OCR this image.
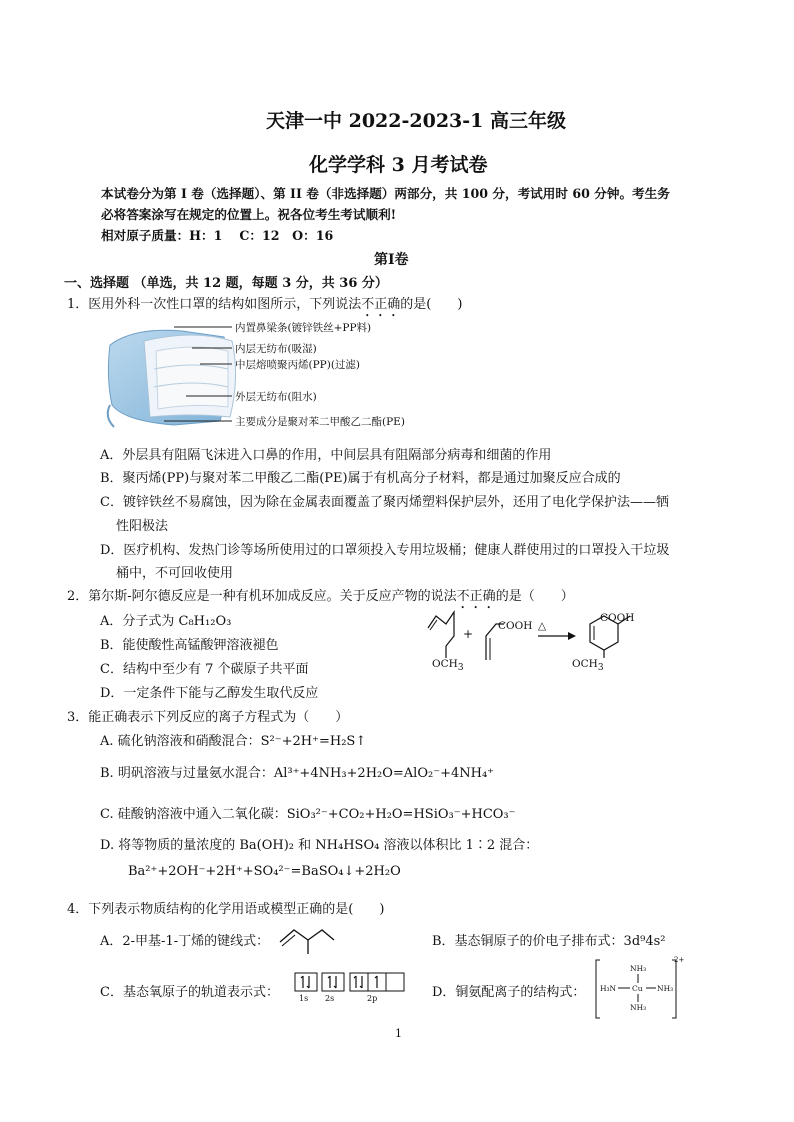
天津一中 2022-2023-1 高三年级
化学学科 3 月考试卷
本试卷分为第 I 卷（选择题）、第 II 卷（非选择题）两部分，共 100 分，考试用时 60 分钟。考生务
必将答案涂写在规定的位置上。祝各位考生考试顺利!
相对原子质量：H：1　 C：12　O：16
第Ⅰ卷
一、选择题 （单选，共 12 题，每题 3 分，共 36 分）
1．医用外科一次性口罩的结构如图所示，下列说法不正确的是(　　)
内置鼻梁条(镀锌铁丝+PP料)
内层无纺布(吸湿)
中层熔喷聚丙烯(PP)(过滤)
外层无纺布(阻水)
主要成分是聚对苯二甲酸乙二酯(PE)
A．外层具有阻隔飞沫进入口鼻的作用，中间层具有阻隔部分病毒和细菌的作用
B．聚丙烯(PP)与聚对苯二甲酸乙二酯(PE)属于有机高分子材料，都是通过加聚反应合成的
C．镀锌铁丝不易腐蚀，因为除在金属表面覆盖了聚丙烯塑料保护层外，还用了电化学保护法——牺
性阳极法
D．医疗机构、发热门诊等场所使用过的口罩须投入专用垃圾桶；健康人群使用过的口罩投入干垃圾
桶中，不可回收使用
2．第尔斯-阿尔德反应是一种有机环加成反应。关于反应产物的说法不正确的是（　　）
A．分子式为 C₈H₁₂O₃
B．能使酸性高锰酸钾溶液褪色
C．结构中至少有 7 个碳原子共平面
D．一定条件下能与乙醇发生取代反应
+
COOH △
COOH
$OCH_3$	$OCH_3$
3．能正确表示下列反应的离子方程式为（　　）
A. 硫化钠溶液和硝酸混合：S²⁻+2H⁺=H₂S↑
B. 明矾溶液与过量氨水混合：Al³⁺+4NH₃+2H₂O=AlO₂⁻+4NH₄⁺
C. 硅酸钠溶液中通入二氧化碳：SiO₃²⁻+CO₂+H₂O=HSiO₃⁻+HCO₃⁻
D. 将等物质的量浓度的 Ba(OH)₂ 和 NH₄HSO₄ 溶液以体积比 1∶2 混合：
Ba²⁺+2OH⁻+2H⁺+SO₄²⁻=BaSO₄↓+2H₂O
4．下列表示物质结构的化学用语或模型正确的是(　　)
A．2-甲基-1-丁烯的键线式：	B．基态铜原子的价电子排布式：3d⁹4s²
C．基态氧原子的轨道表示式：	1s 2s	2p	D．铜氨配离子的结构式：
NH₃
H₃N Cu NH₃
NH₃
2+
1
